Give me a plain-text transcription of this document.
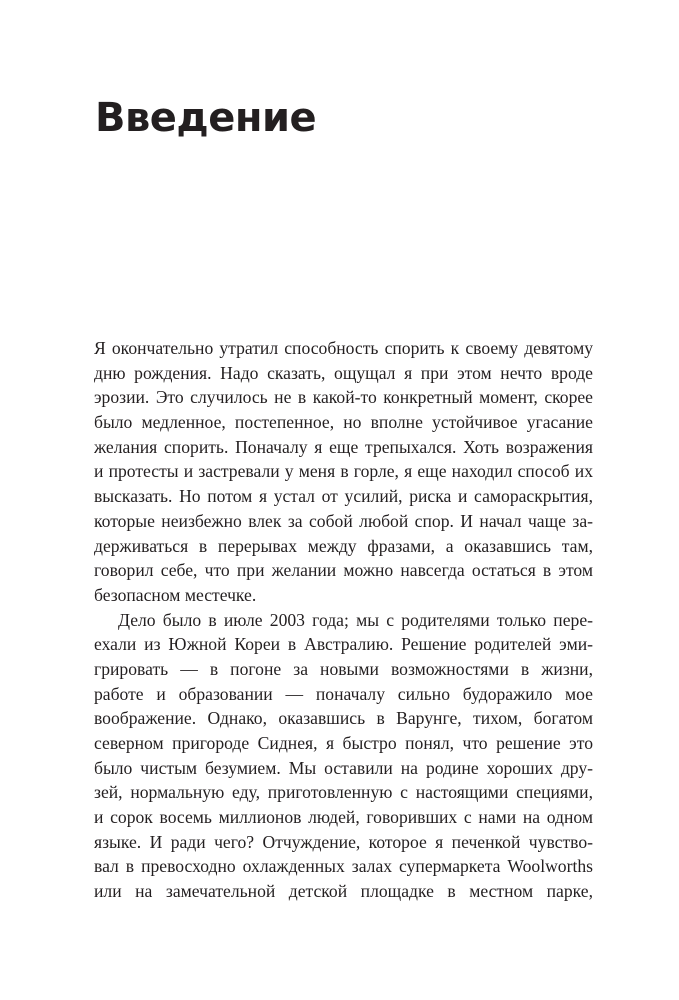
Введение
Я окончательно утратил способность спорить к своему девятому
дню рождения. Надо сказать, ощущал я при этом нечто вроде
эрозии. Это случилось не в какой-то конкретный момент, скорее
было медленное, постепенное, но вполне устойчивое угасание
желания спорить. Поначалу я еще трепыхался. Хоть возражения
и протесты и застревали у меня в горле, я еще находил способ их
высказать. Но потом я устал от усилий, риска и самораскрытия,
которые неизбежно влек за собой любой спор. И начал чаще за-
держиваться в перерывах между фразами, а оказавшись там,
говорил себе, что при желании можно навсегда остаться в этом
безопасном местечке.
Дело было в июле 2003 года; мы с родителями только пере-
ехали из Южной Кореи в Австралию. Решение родителей эми-
грировать — в погоне за новыми возможностями в жизни,
работе и образовании — поначалу сильно будоражило мое
воображение. Однако, оказавшись в Варунге, тихом, богатом
северном пригороде Сиднея, я быстро понял, что решение это
было чистым безумием. Мы оставили на родине хороших дру-
зей, нормальную еду, приготовленную с настоящими специями,
и сорок восемь миллионов людей, говоривших с нами на одном
языке. И ради чего? Отчуждение, которое я печенкой чувство-
вал в превосходно охлажденных залах супермаркета Woolworths
или на замечательной детской площадке в местном парке,
